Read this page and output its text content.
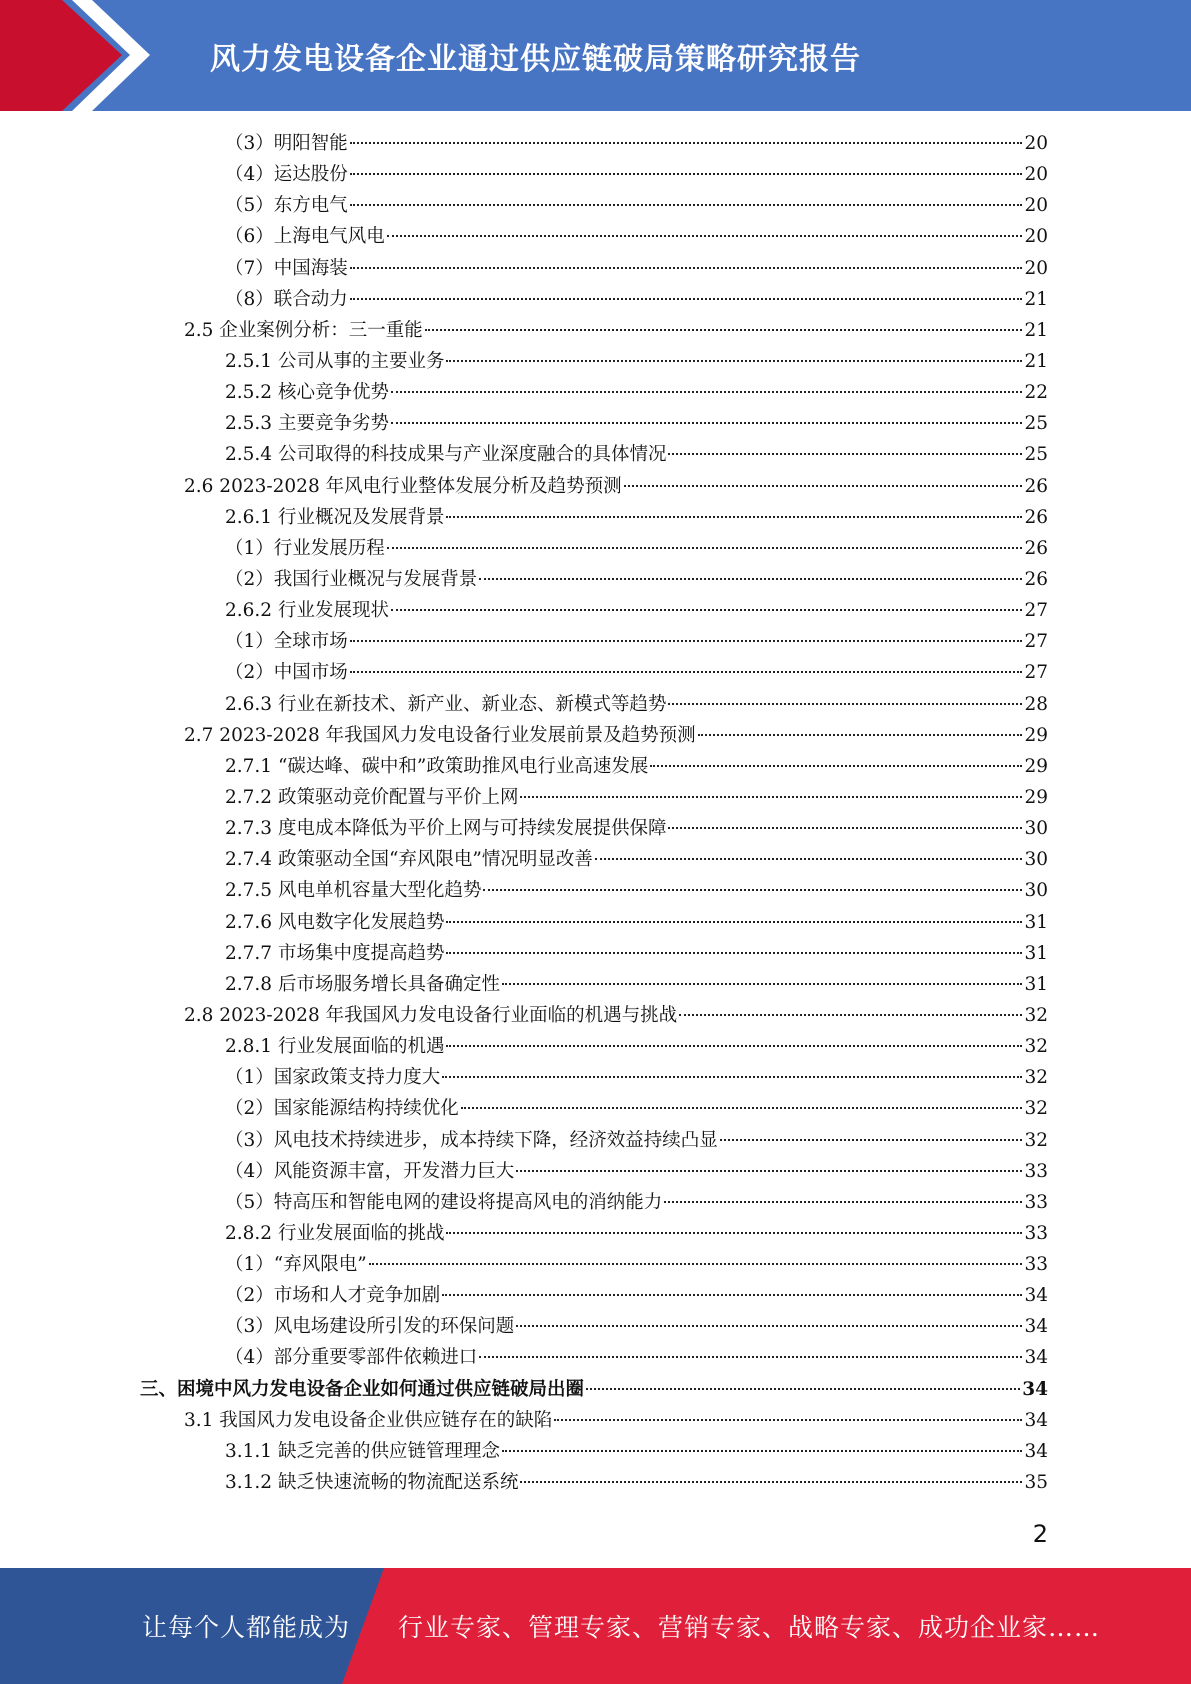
风力发电设备企业通过供应链破局策略研究报告
（3）明阳智能	20
（4）运达股份	20
（5）东方电气	20
（6）上海电气风电	20
（7）中国海装	20
（8）联合动力	21
2.5 企业案例分析：三一重能	21
2.5.1 公司从事的主要业务	21
2.5.2 核心竞争优势	22
2.5.3 主要竞争劣势	25
2.5.4 公司取得的科技成果与产业深度融合的具体情况	25
2.6 2023-2028 年风电行业整体发展分析及趋势预测	26
2.6.1 行业概况及发展背景	26
（1）行业发展历程	26
（2）我国行业概况与发展背景	26
2.6.2 行业发展现状	27
（1）全球市场	27
（2）中国市场	27
2.6.3 行业在新技术、新产业、新业态、新模式等趋势	28
2.7 2023-2028 年我国风力发电设备行业发展前景及趋势预测	29
2.7.1 “碳达峰、碳中和”政策助推风电行业高速发展	29
2.7.2 政策驱动竞价配置与平价上网	29
2.7.3 度电成本降低为平价上网与可持续发展提供保障	30
2.7.4 政策驱动全国“弃风限电”情况明显改善	30
2.7.5 风电单机容量大型化趋势	30
2.7.6 风电数字化发展趋势	31
2.7.7 市场集中度提高趋势	31
2.7.8 后市场服务增长具备确定性	31
2.8 2023-2028 年我国风力发电设备行业面临的机遇与挑战	32
2.8.1 行业发展面临的机遇	32
（1）国家政策支持力度大	32
（2）国家能源结构持续优化	32
（3）风电技术持续进步，成本持续下降，经济效益持续凸显	32
（4）风能资源丰富，开发潜力巨大	33
（5）特高压和智能电网的建设将提高风电的消纳能力	33
2.8.2 行业发展面临的挑战	33
（1）“弃风限电”	33
（2）市场和人才竞争加剧	34
（3）风电场建设所引发的环保问题	34
（4）部分重要零部件依赖进口	34
三、困境中风力发电设备企业如何通过供应链破局出圈	34
3.1 我国风力发电设备企业供应链存在的缺陷	34
3.1.1 缺乏完善的供应链管理理念	34
3.1.2 缺乏快速流畅的物流配送系统	35
2
让每个人都能成为 行业专家、管理专家、营销专家、战略专家、成功企业家……
